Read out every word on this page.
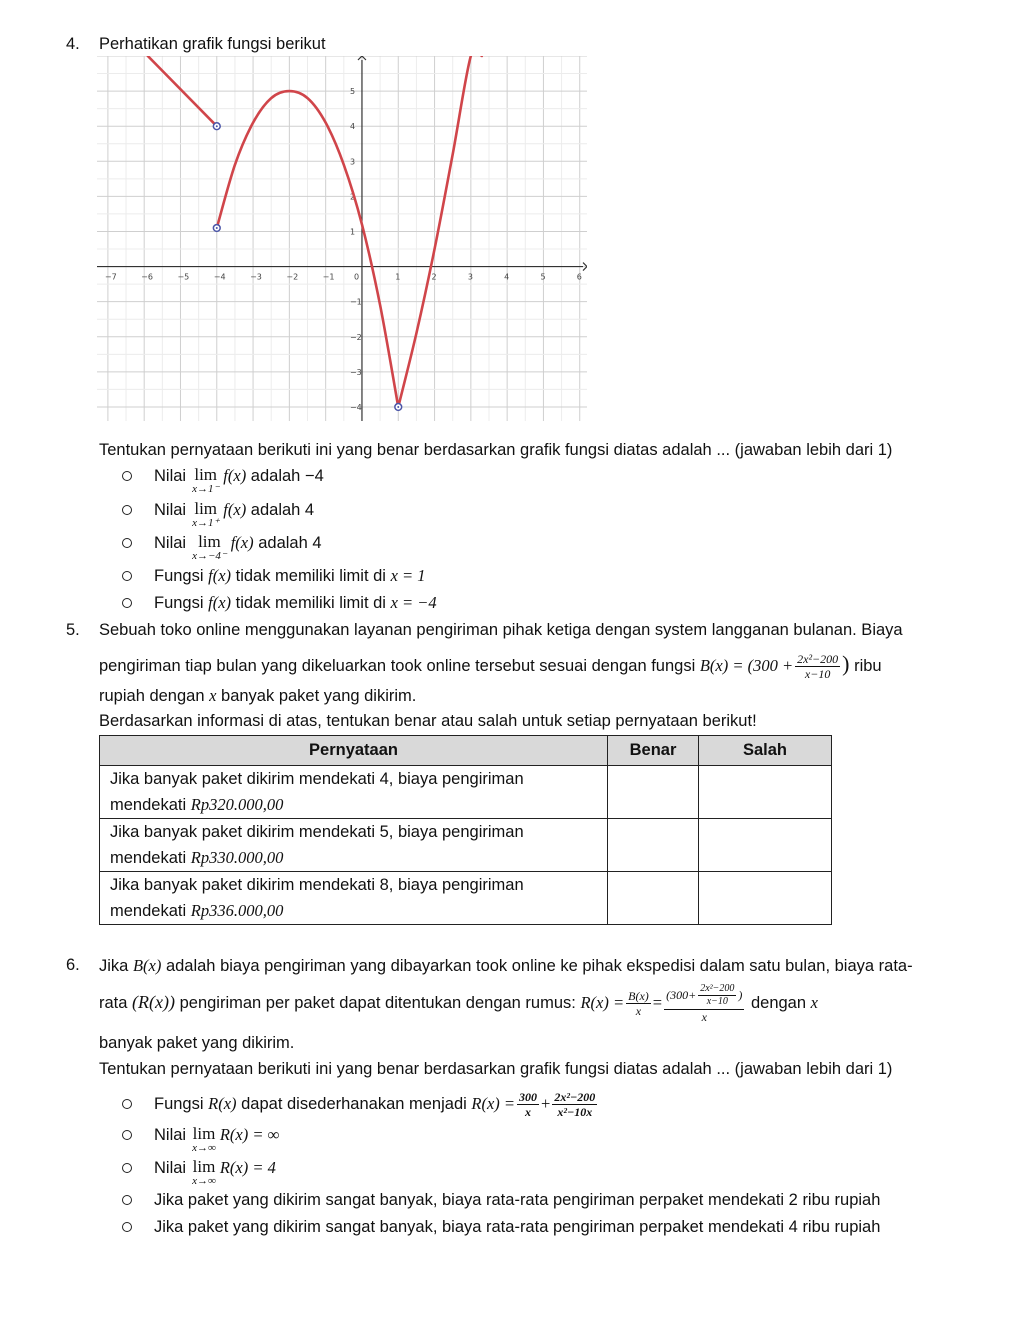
4. Perhatikan grafik fungsi berikut
−7	−6	−5	−4	−3	−2	−1 0	1	2	3	4	5	6
−4
−3
−2
−1
1
2
3
4
5
Tentukan pernyataan berikuti ini yang benar berdasarkan grafik fungsi diatas adalah ... (jawaban lebih dari 1)
Nilai lim
x→1⁻
f(x) adalah −4
Nilai lim
x→1⁺
f(x) adalah 4
Nilai lim
x→−4⁻
f(x) adalah 4
Fungsi f(x) tidak memiliki limit di x = 1
Fungsi f(x) tidak memiliki limit di x = −4
5. Sebuah toko online menggunakan layanan pengiriman pihak ketiga dengan system langganan bulanan. Biaya
pengiriman tiap bulan yang dikeluarkan took online tersebut sesuai dengan fungsi $B(x) = (300 + \frac{\text{2x²−200}}{x-10}$ ) ribu
rupiah dengan x banyak paket yang dikirim.
Berdasarkan informasi di atas, tentukan benar atau salah untuk setiap pernyataan berikut!
Pernyataan	Benar	Salah
Jika banyak paket dikirim mendekati 4, biaya pengiriman
mendekati Rp320.000,00		
Jika banyak paket dikirim mendekati 5, biaya pengiriman
mendekati Rp330.000,00		
Jika banyak paket dikirim mendekati 8, biaya pengiriman
mendekati Rp336.000,00		
6. Jika B(x) adalah biaya pengiriman yang dibayarkan took online ke pihak ekspedisi dalam satu bulan, biaya rata-
rata (R(x)) pengiriman per paket dapat ditentukan dengan rumus: $R(x) = \frac{B(x)}{x} = \frac{(300+ \frac{\text{2x²−200}}{x-10} )}{x}$ dengan x
banyak paket yang dikirim.
Tentukan pernyataan berikuti ini yang benar berdasarkan grafik fungsi diatas adalah ... (jawaban lebih dari 1)
Fungsi R(x) dapat disederhanakan menjadi $R(x) = \frac{300}{x} + \frac{\text{2x²−200}}{\text{x²−10x}}$
Nilai lim
x→∞
R(x) = ∞
Nilai lim
x→∞
R(x) = 4
Jika paket yang dikirim sangat banyak, biaya rata-rata pengiriman perpaket mendekati 2 ribu rupiah
Jika paket yang dikirim sangat banyak, biaya rata-rata pengiriman perpaket mendekati 4 ribu rupiah
